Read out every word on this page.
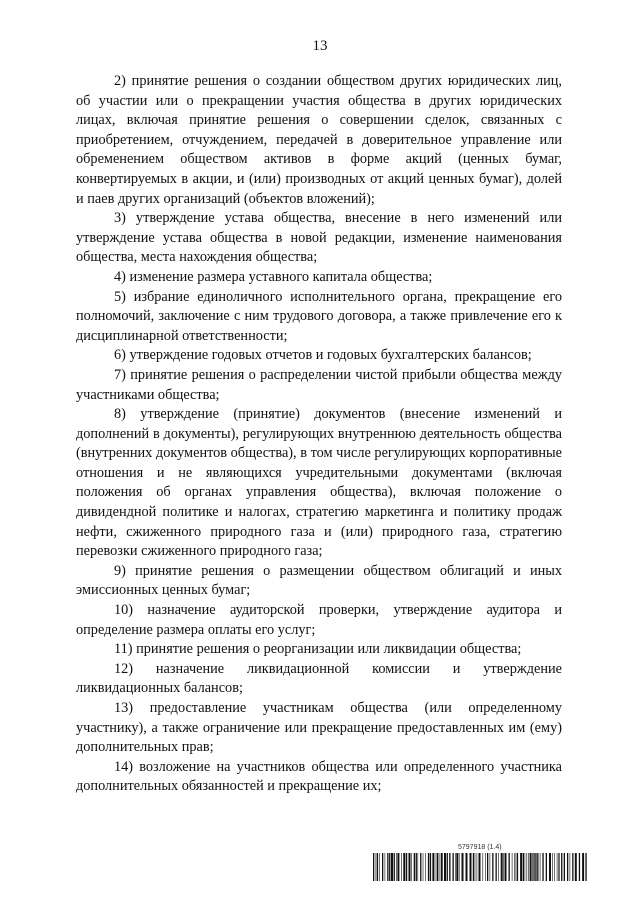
13

2) принятие решения о создании обществом других юридических лиц, об участии или о прекращении участия общества в других юридических лицах, включая принятие решения о совершении сделок, связанных с приобретением, отчуждением, передачей в доверительное управление или обременением обществом активов в форме акций (ценных бумаг, конвертируемых в акции, и (или) производных от акций ценных бумаг), долей и паев других организаций (объектов вложений);

3) утверждение устава общества, внесение в него изменений или утверждение устава общества в новой редакции, изменение наименования общества, места нахождения общества;

4) изменение размера уставного капитала общества;

5) избрание единоличного исполнительного органа, прекращение его полномочий, заключение с ним трудового договора, а также привлечение его к дисциплинарной ответственности;

6) утверждение годовых отчетов и годовых бухгалтерских балансов;

7) принятие решения о распределении чистой прибыли общества между участниками общества;

8) утверждение (принятие) документов (внесение изменений и дополнений в документы), регулирующих внутреннюю деятельность общества (внутренних документов общества), в том числе регулирующих корпоративные отношения и не являющихся учредительными документами (включая положения об органах управления общества), включая положение о дивидендной политике и налогах, стратегию маркетинга и политику продаж нефти, сжиженного природного газа и (или) природного газа, стратегию перевозки сжиженного природного газа;

9) принятие решения о размещении обществом облигаций и иных эмиссионных ценных бумаг;

10) назначение аудиторской проверки, утверждение аудитора и определение размера оплаты его услуг;

11) принятие решения о реорганизации или ликвидации общества;

12) назначение ликвидационной комиссии и утверждение ликвидационных балансов;

13) предоставление участникам общества (или определенному участнику), а также ограничение или прекращение предоставленных им (ему) дополнительных прав;

14) возложение на участников общества или определенного участника дополнительных обязанностей и прекращение их;

5797918 (1.4)
